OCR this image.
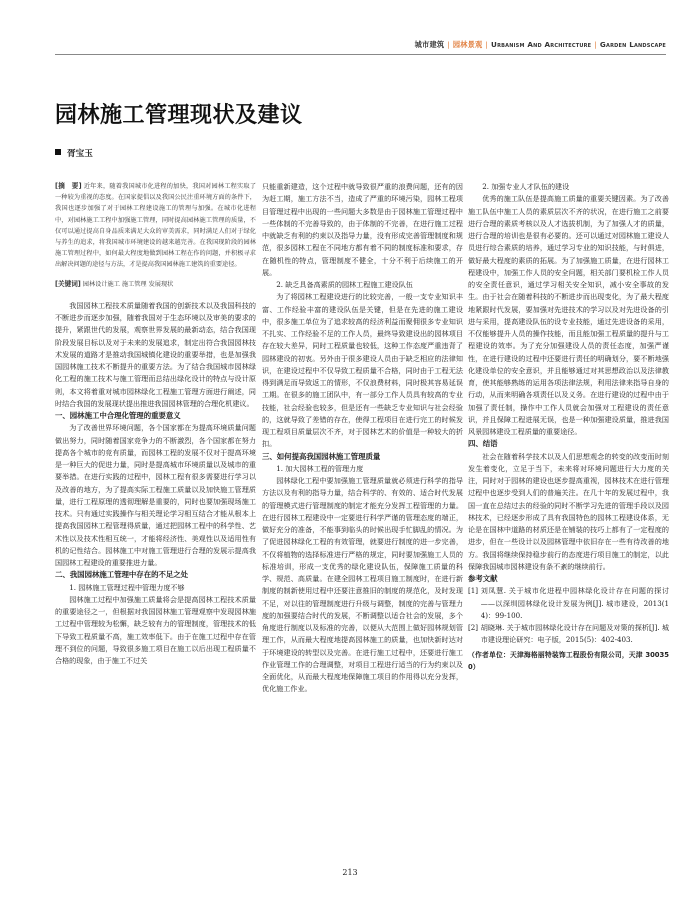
城市建筑 | 园林景观 | Urbanism And Architecture | Garden Landscape
园林施工管理现状及建议
胥宝玉

[摘　要] 近年来，随着我国城市化进程的加快，我国对园林工程实取了一种较为重视的态度。在国家提倡以及我国公民注重环境方面的条件下，我国也逐步加强了对于园林工程建设施工的管理与加强。在城市化进程中，对园林施工工程中加强施工管理，同时提高园林施工管理的质量，不仅可以通过提高自身品质来满足大众的审美需求，同时满足人们对于绿化与养生的追求，将我国城市环境建设的越来越完善。在我国现阶段的园林施工管理过程中，如何最大程度地做到园林工程在作的问题，并积极寻求出解决问题的途径与方法，才是提高我国园林施工建筑的重要途径。

[关键词] 园林设计施工 施工管理 发展现状

我国园林工程技术质量随着我国的创新技术以及我国科技的不断进步而逐步加强，随着我国对于生态环境以及审美的要求的提升，紧跟世代的发展，观察世界发展的最新动态，结合我国现阶段发展目标以及对于未来的发展追求，制定出符合我国园林技术发展的道路才是推动我国城镇化建设的重要举措，也是加强我国园林施工技术不断提升的重要方法。为了结合我国城市园林绿化工程的施工技术与施工管理而总结出绿化设计的特点与设计原则，本文将着重对城市园林绿化工程施工管理方面进行阐述，同时结合我国的发展现状提出推进我国园林管理的合理化机建议。

一、园林施工中合理化管理的重要意义

为了改善世界环境问题，各个国家都在为提高环境质量问题做出努力，同时随着国家竞争力的不断激烈，各个国家都在努力提高各个城市的竞有质量，而园林工程的发展不仅对于提高环境是一种巨大的促进力量，同时是提高城市环境质量以及城市的重要举措。在进行实践的过程中，园林工程有很多需要进行学习以及改善的地方，为了提高实际工程施工质量以及加快施工管理质量，进行工程原理的透彻理解是重要的，同时也要加强现场施工技术。只有通过实践操作与相关理论学习相互结合才能从根本上提高我国园林工程管理得质量，通过把园林工程中的科学性、艺术性以及技术性相互统一，才能将经济性、美观性以及适用性有机的记性结合。园林施工中对施工管理进行合理的发展示提高我国园林工程建设的重要推进力量。

二、我国园林施工管理中存在的不足之处
1. 园林施工管理过程中管理力度不够

园林施工过程中加强施工质量将会是提高园林工程技术质量的重要途径之一，但根据对我国园林施工管理观察中发现园林施工过程中管理较为松懈，缺乏较有力的管理制度，管理技术的低下导致工程质量不高，施工效率低下。由于在施工过程中存在管理不到位的问题，导致很多施工项目在施工以后出现工程质量不合格的现象，由于施工不过关

只能重新建造，这个过程中就导致很严重的浪费问题，还有的因为赶工期，施工方法不当，造成了严重的环境污染，园林工程项目管理过程中出现的一些问题大多数是由于园林施工管理过程中一些体制的不完善导致的，由于体制的不完善，在进行施工过程中就缺乏有利的约束以及指导力量，没有形成完善管理制度和规范，很多园林工程在不同地方都有着不同的制度标准和要求，存在随机性的特点，管理制度不健全，十分不利于后续施工的开展。

2. 缺乏具备高素质的园林工程施工建设队伍

为了将园林工程建设进行的比较完善，一般一支专业知识丰富、工作经验丰富的建设队伍是关键，但是在先进的施工建设中，很多施工单位为了追求较高的经济利益而聚佣很多专业知识不扎实、工作经验不足的工作人员，最终导致建设出的园林项目存在较大差异，同时工程质量也较低，这种工作态度严重违背了园林建设的初衷。另外由于很多建设人员由于缺乏相应的法律知识，在建设过程中不仅导致工程质量不合格，同时由于工程无法得到满足而导致返工的情形，不仅浪费材料，同时极其容易延误工期。在很多的施工团队中，有一部分工作人员具有较高的专业技能，社会经验也较多，但是还有一些缺乏专业知识与社会经验的，这就导致了差错的存在，使得工程项目在进行完工的时候发现工程项目质量层次不齐，对于园林艺术的价值是一种较大的折扣。

三、如何提高我国园林施工管理质量
1. 加大园林工程的管理力度

园林绿化工程中要加强施工管理质量就必须进行科学的指导方法以及有利的指导力量，结合科学的、有效的、适合时代发展的管理模式进行管理制度的制定才能充分发挥工程管理的力量。在进行园林工程建设中一定要进行科学严谨的管理态度的端正，做好充分的准备，不能事到临头的时候出现手忙脚乱的情况。为了促进园林绿化工程的有效管理，就要进行制度的进一步完善，不仅将植物的选择标准进行严格的规定，同时要加强施工人员的标准培训，形成一支优秀的绿化建设队伍，保障施工质量的科学、规范、高质量。在建全园林工程项目施工制度时，在进行新制度的制新使用过程中还要注意推旧的制度的规范化，及时发现不足，对以往的管理制度进行升级与调整，制度的完善与管理力度的加强要结合时代的发展，不断调整以适合社会的发展，多个角度进行制度以及标准的完善，以便从大范围上做好园林规划管理工作，从而最大程度地提高园林施工的质量，也加快新时达对于环境建设的转型以及完善。在进行施工过程中，还要进行施工作业管理工作的合理调整，对项目工程进行适当的行为约束以及全面优化，从而最大程度地保障施工项目的作用得以充分发挥，优化施工作业。

2. 加强专业人才队伍的建设

优秀的施工队伍是提高施工质量的重要关键因素。为了改善施工队伍中施工人员的素质层次不齐的状况，在进行施工之前要进行合理的素质考核以及人才选拔机制，为了加强人才的质量，进行合理的培训也是很有必要的。还可以通过对园林施工建设人员进行综合素质的培养，通过学习专业的知识技能，与时俱进，做好最大程度的素质的拓展。为了加强施工质量，在进行园林工程建设中，加强工作人员的安全问题，相关部门要机检工作人员的安全责任意识，通过学习相关安全知识，减小安全事故的发生。由于社会在随着科技的不断进步而出现变化，为了最大程度地紧跟时代发展，要加强对先进技术的学习以及对先进设备的引进与采用，提高建设队伍的设专业技能，通过先进设备的采用，不仅能够提升人员的操作技能，而且能加强工程质量的提升与工程建设的效率。为了充分加强建设人员的责任态度，加强严谨性，在进行建设的过程中还要进行责任的明确划分，要不断地强化建设单位的安全意识，并且能够通过对其思想政治以及法律教育，使其能够熟练的运用各项法律法规，利用法律来指导自身的行动，从而来明确各项责任以及义务。在进行建设的过程中由于加强了责任制，操作中工作人员就会加强对工程建设的责任意识，并且保障工程进展无误，也是一种加强建设质量，推进我国风景园林建设工程质量的重要途径。

四、结语

社会在随着科学技术以及人们思想观念的转变的改变而时刻发生着变化，立足于当下，未来将对环境问题进行大力度的关注，同时对于园林的建设也逐步提高重视，园林技术在进行管理过程中也逐步受到人们的普遍关注。在几十年的发展过程中，我国一直在总结过去的经验的同时不断学习先进的管理手段以及园林技术，已经逐步形成了具有我国特色的园林工程建设体系，无论是在国林中道路的材质还是在铺装的技巧上都有了一定程度的进步，但在一些设计以及园林管理中依旧存在一些有待改善的地方。我国将继续保持稳步前行的态度进行项目施工的制定，以此保障我国城市园林建设有条不紊的继续前行。

参考文献

[1] 刘凤慧. 关于城市化进程中园林绿化设计存在问题的探讨——以深圳园林绿化设计发展为例[J]. 城市建设，2013(14)：99-100.

[2] 胡晓琳. 关于城市园林绿化设计存在问题及对策的探析[J]. 城市建设理论研究：电子版，2015(5)：402-403.

（作者单位：天津海格丽特装饰工程股份有限公司，天津 300350）

213
